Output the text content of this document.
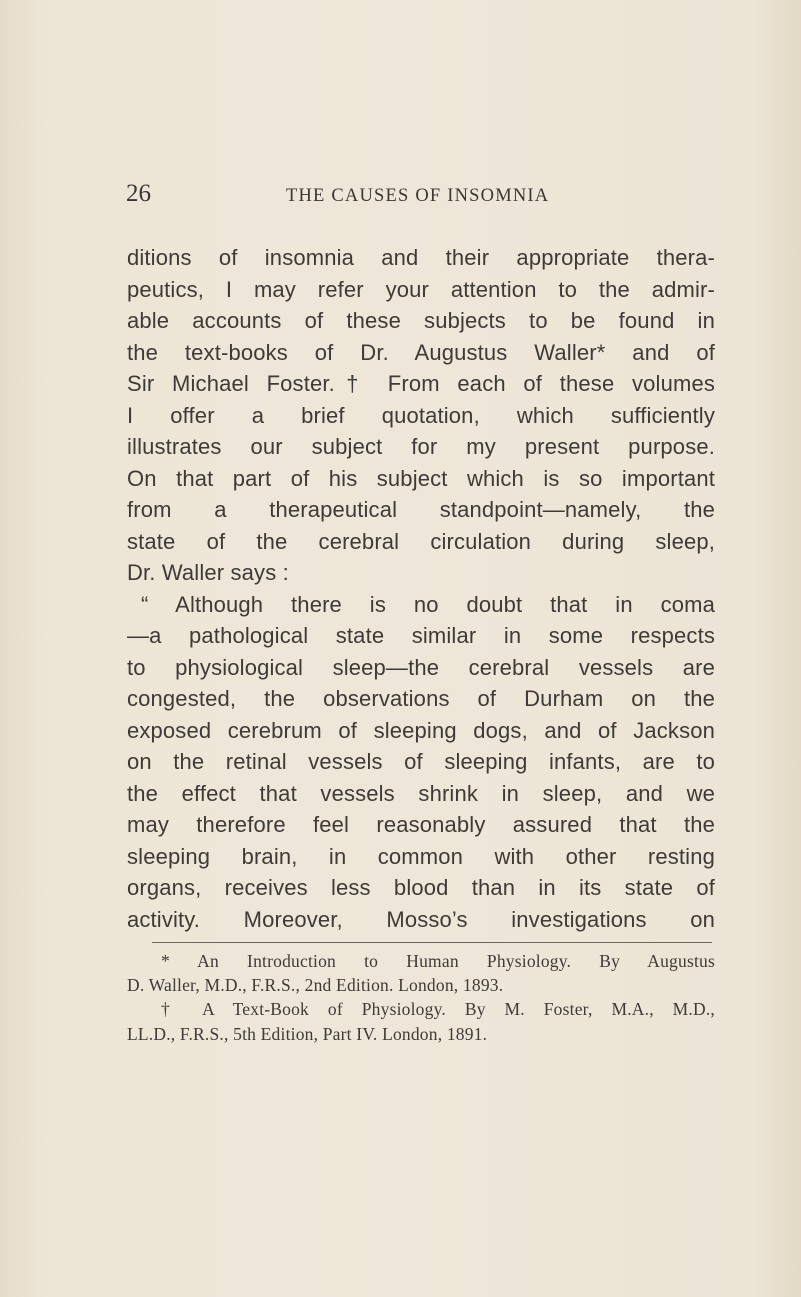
26	THE CAUSES OF INSOMNIA
ditions of insomnia and their appropriate thera-
peutics, I may refer your attention to the admir-
able accounts of these subjects to be found in
the text-books of Dr. Augustus Waller* and of
Sir Michael Foster.† From each of these volumes
I offer a brief quotation, which sufficiently
illustrates our subject for my present purpose.
On that part of his subject which is so important
from a therapeutical standpoint—namely, the
state of the cerebral circulation during sleep,
Dr. Waller says :
“ Although there is no doubt that in coma
—a pathological state similar in some respects
to physiological sleep—the cerebral vessels are
congested, the observations of Durham on the
exposed cerebrum of sleeping dogs, and of Jackson
on the retinal vessels of sleeping infants, are to
the effect that vessels shrink in sleep, and we
may therefore feel reasonably assured that the
sleeping brain, in common with other resting
organs, receives less blood than in its state of
activity. Moreover, Mosso’s investigations on
* An Introduction to Human Physiology. By Augustus
D. Waller, M.D., F.R.S., 2nd Edition. London, 1893.
† A Text-Book of Physiology. By M. Foster, M.A., M.D.,
LL.D., F.R.S., 5th Edition, Part IV. London, 1891.
